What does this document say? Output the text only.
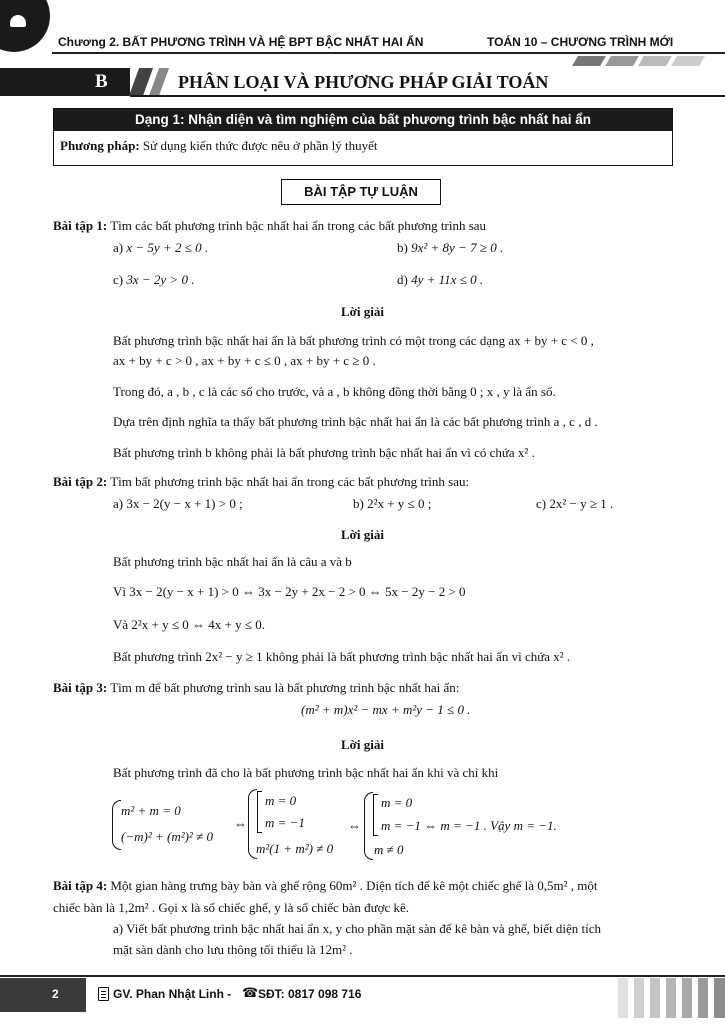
Chương 2. BẤT PHƯƠNG TRÌNH VÀ HỆ BPT BẬC NHẤT HAI ẨN	TOÁN 10 – CHƯƠNG TRÌNH MỚI
B	PHÂN LOẠI VÀ PHƯƠNG PHÁP GIẢI TOÁN
Dạng 1: Nhận diện và tìm nghiệm của bất phương trình bậc nhất hai ẩn
Phương pháp: Sử dụng kiến thức được nêu ở phần lý thuyết
BÀI TẬP TỰ LUẬN
Bài tập 1: Tìm các bất phương trình bậc nhất hai ẩn trong các bất phương trình sau
a) x − 5y + 2 ≤ 0 .	b) 9x² + 8y − 7 ≥ 0 .
c) 3x − 2y > 0 .	d) 4y + 11x ≤ 0 .
Lời giải
Bất phương trình bậc nhất hai ẩn là bất phương trình có một trong các dạng ax + by + c < 0 ,
ax + by + c > 0 , ax + by + c ≤ 0 , ax + by + c ≥ 0 .
Trong đó, a , b , c là các số cho trước, và a , b không đồng thời bằng 0 ; x , y là ẩn số.
Dựa trên định nghĩa ta thấy bất phương trình bậc nhất hai ẩn là các bất phương trình a , c , d .
Bất phương trình b không phải là bất phương trình bậc nhất hai ẩn vì có chứa x² .
Bài tập 2: Tìm bất phương trình bậc nhất hai ẩn trong các bất phương trình sau:
a) 3x − 2(y − x + 1) > 0 ;	b) 2²x + y ≤ 0 ;	c) 2x² − y ≥ 1 .
Lời giải
Bất phương trình bậc nhất hai ẩn là câu a và b
Vì 3x − 2(y − x + 1) > 0 ⇔ 3x − 2y + 2x − 2 > 0 ⇔ 5x − 2y − 2 > 0
Và 2²x + y ≤ 0 ⇔ 4x + y ≤ 0.
Bất phương trình 2x² − y ≥ 1 không phải là bất phương trình bậc nhất hai ẩn vì chứa x² .
Bài tập 3: Tìm m để bất phương trình sau là bất phương trình bậc nhất hai ẩn:
(m² + m)x² − mx + m²y − 1 ≤ 0 .
Lời giải
Bất phương trình đã cho là bất phương trình bậc nhất hai ẩn khi và chỉ khi
m² + m = 0
(−m)² + (m²)² ≠ 0
⇔
m = 0
m = −1
m²(1 + m²) ≠ 0
⇔
m = 0
m = −1 ⇔ m = −1 . Vậy m = −1.
m ≠ 0
Bài tập 4: Một gian hàng trưng bày bàn và ghế rộng 60m² . Diện tích để kê một chiếc ghế là 0,5m² , một
chiếc bàn là 1,2m² . Gọi x là số chiếc ghế, y là số chiếc bàn được kê.
a) Viết bất phương trình bậc nhất hai ẩn x, y cho phần mặt sàn để kê bàn và ghế, biết diện tích
mặt sàn dành cho lưu thông tối thiểu là 12m² .
2	GV. Phan Nhật Linh - ☎ SĐT: 0817 098 716
